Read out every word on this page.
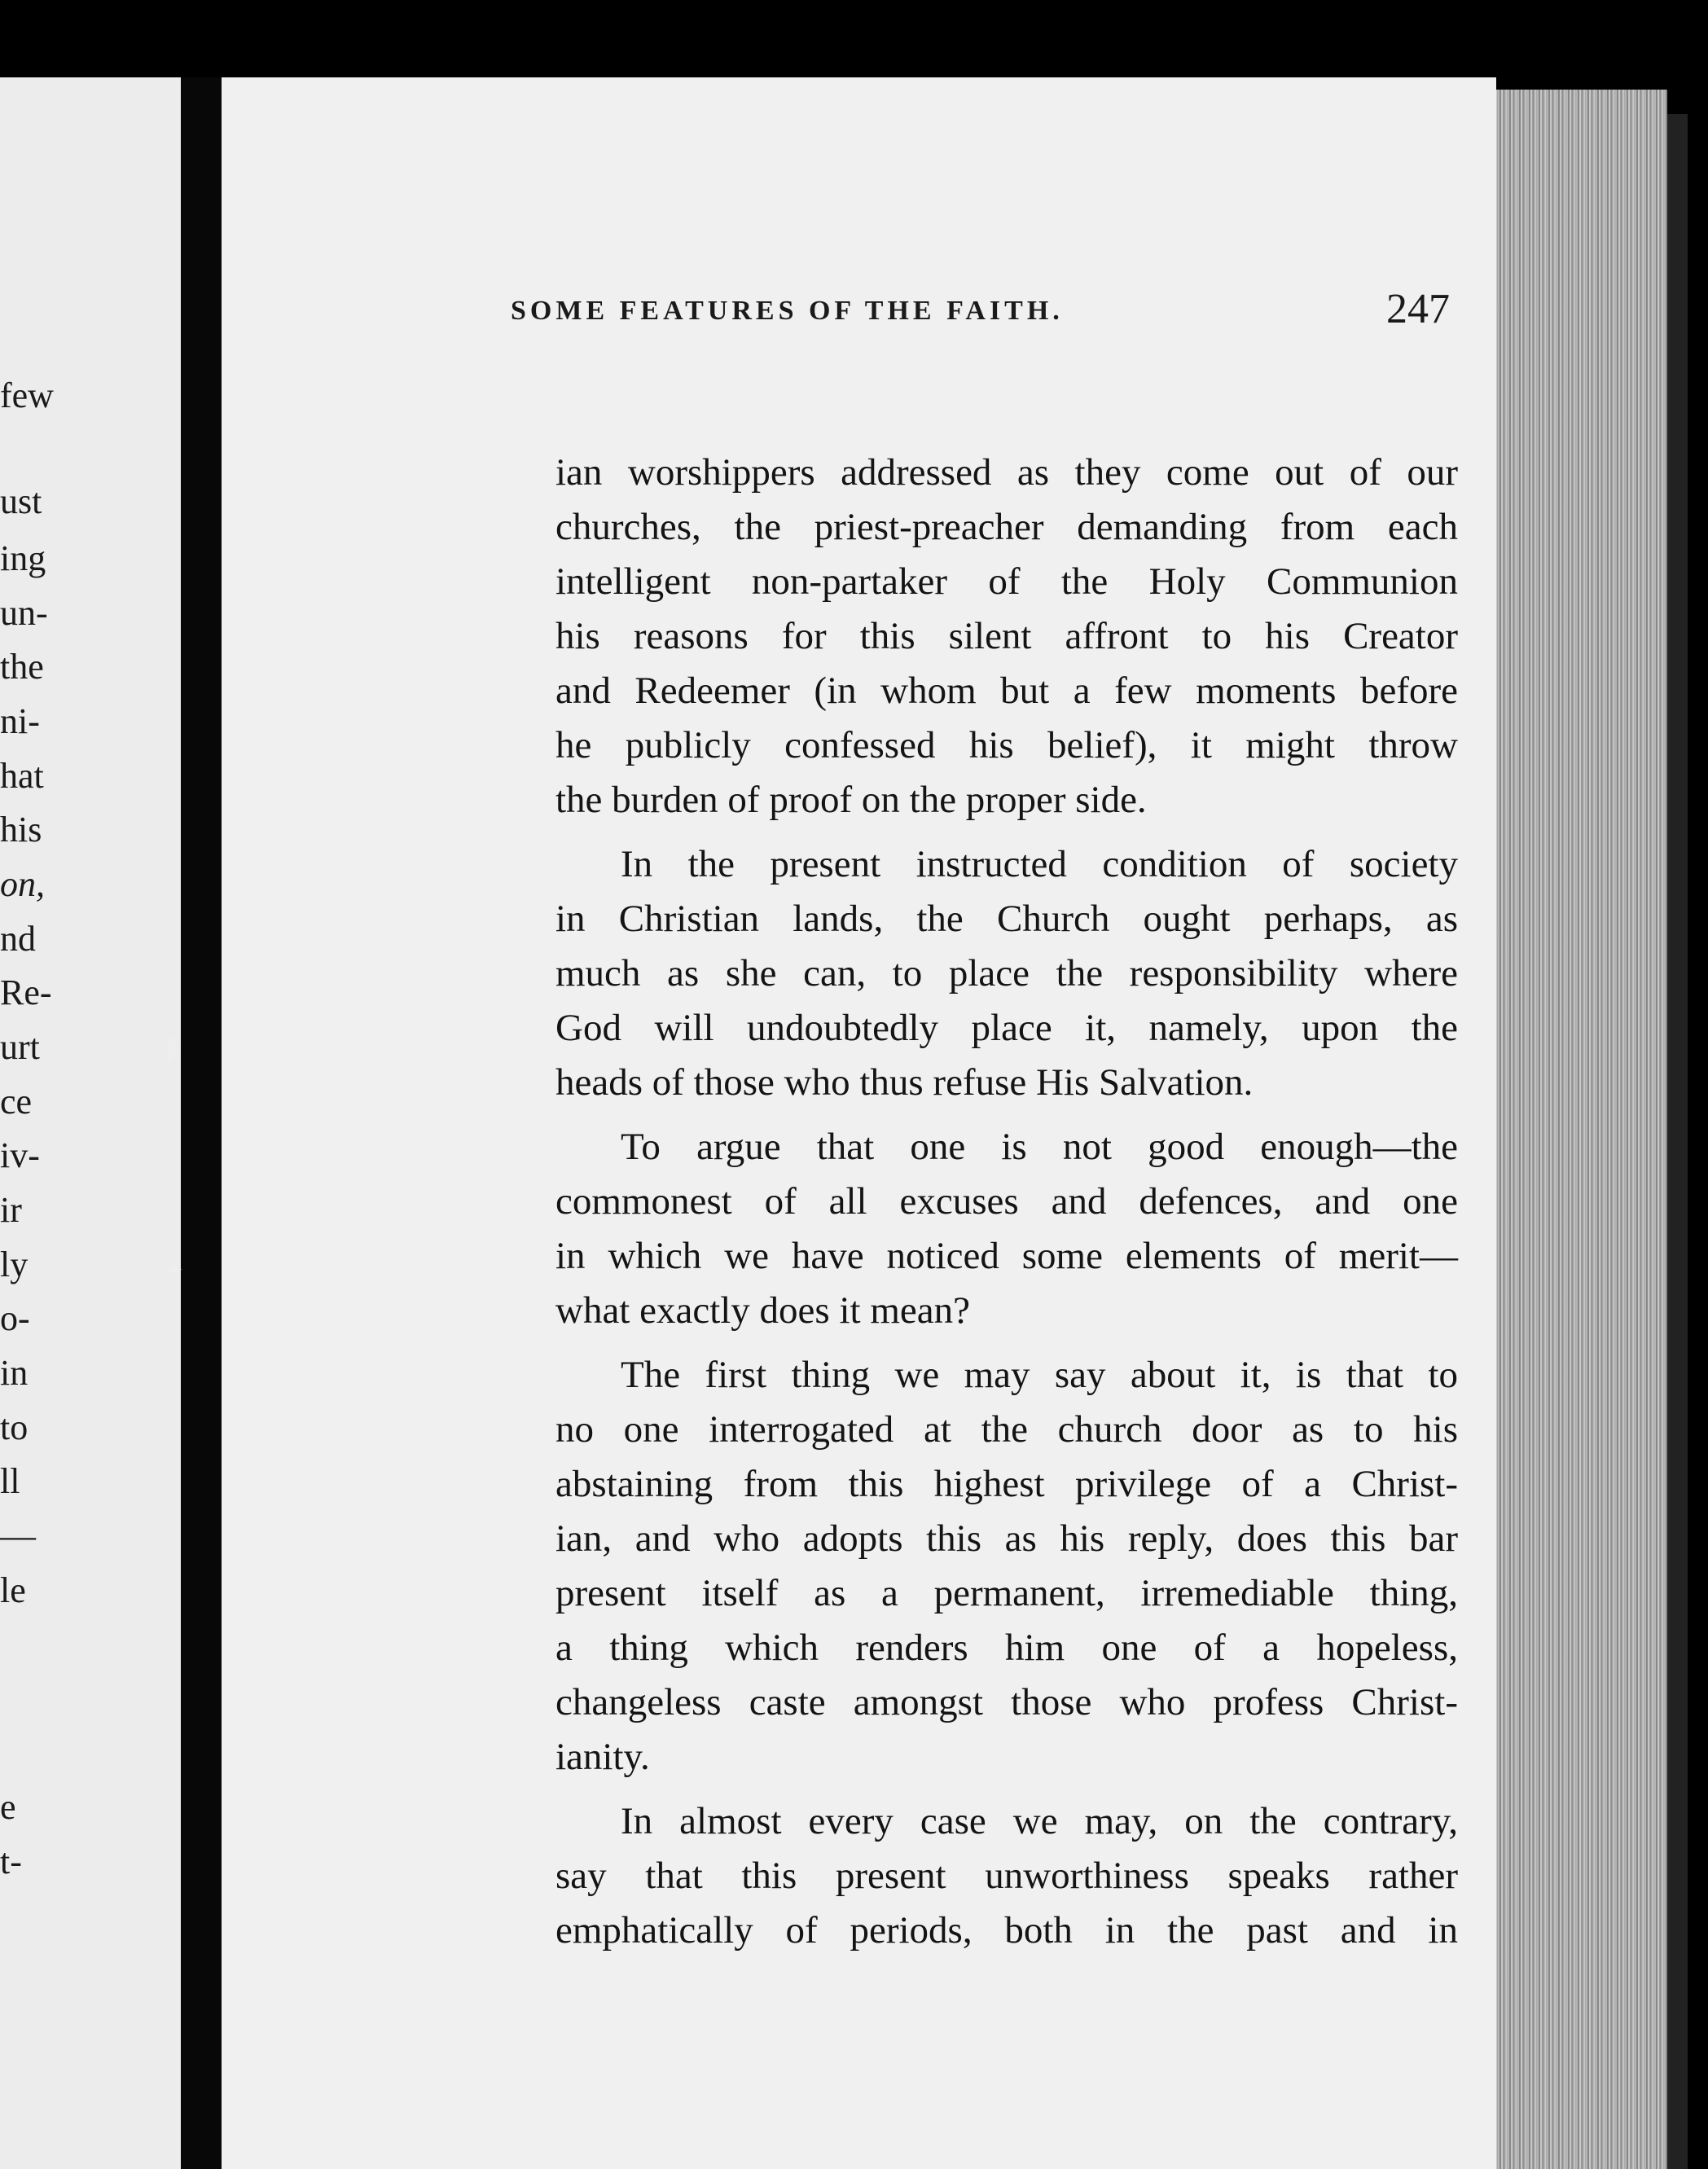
few
ust
ing
un-
the
ni-
hat
his
on,
nd
Re-
urt
ce
iv-
ir
ly
o-
in
to
ll
—
le
e
t-
◗
✦
SOME FEATURES OF THE FAITH.	247
ian worshippers addressed as they come out of our
churches, the priest-preacher demanding from each
intelligent non-partaker of the Holy Communion
his reasons for this silent affront to his Creator
and Redeemer (in whom but a few moments before
he publicly confessed his belief), it might throw
the burden of proof on the proper side.
In the present instructed condition of society
in Christian lands, the Church ought perhaps, as
much as she can, to place the responsibility where
God will undoubtedly place it, namely, upon the
heads of those who thus refuse His Salvation.
To argue that one is not good enough—the
commonest of all excuses and defences, and one
in which we have noticed some elements of merit—
what exactly does it mean?
The first thing we may say about it, is that to
no one interrogated at the church door as to his
abstaining from this highest privilege of a Christ-
ian, and who adopts this as his reply, does this bar
present itself as a permanent, irremediable thing,
a thing which renders him one of a hopeless,
changeless caste amongst those who profess Christ-
ianity.
In almost every case we may, on the contrary,
say that this present unworthiness speaks rather
emphatically of periods, both in the past and in
